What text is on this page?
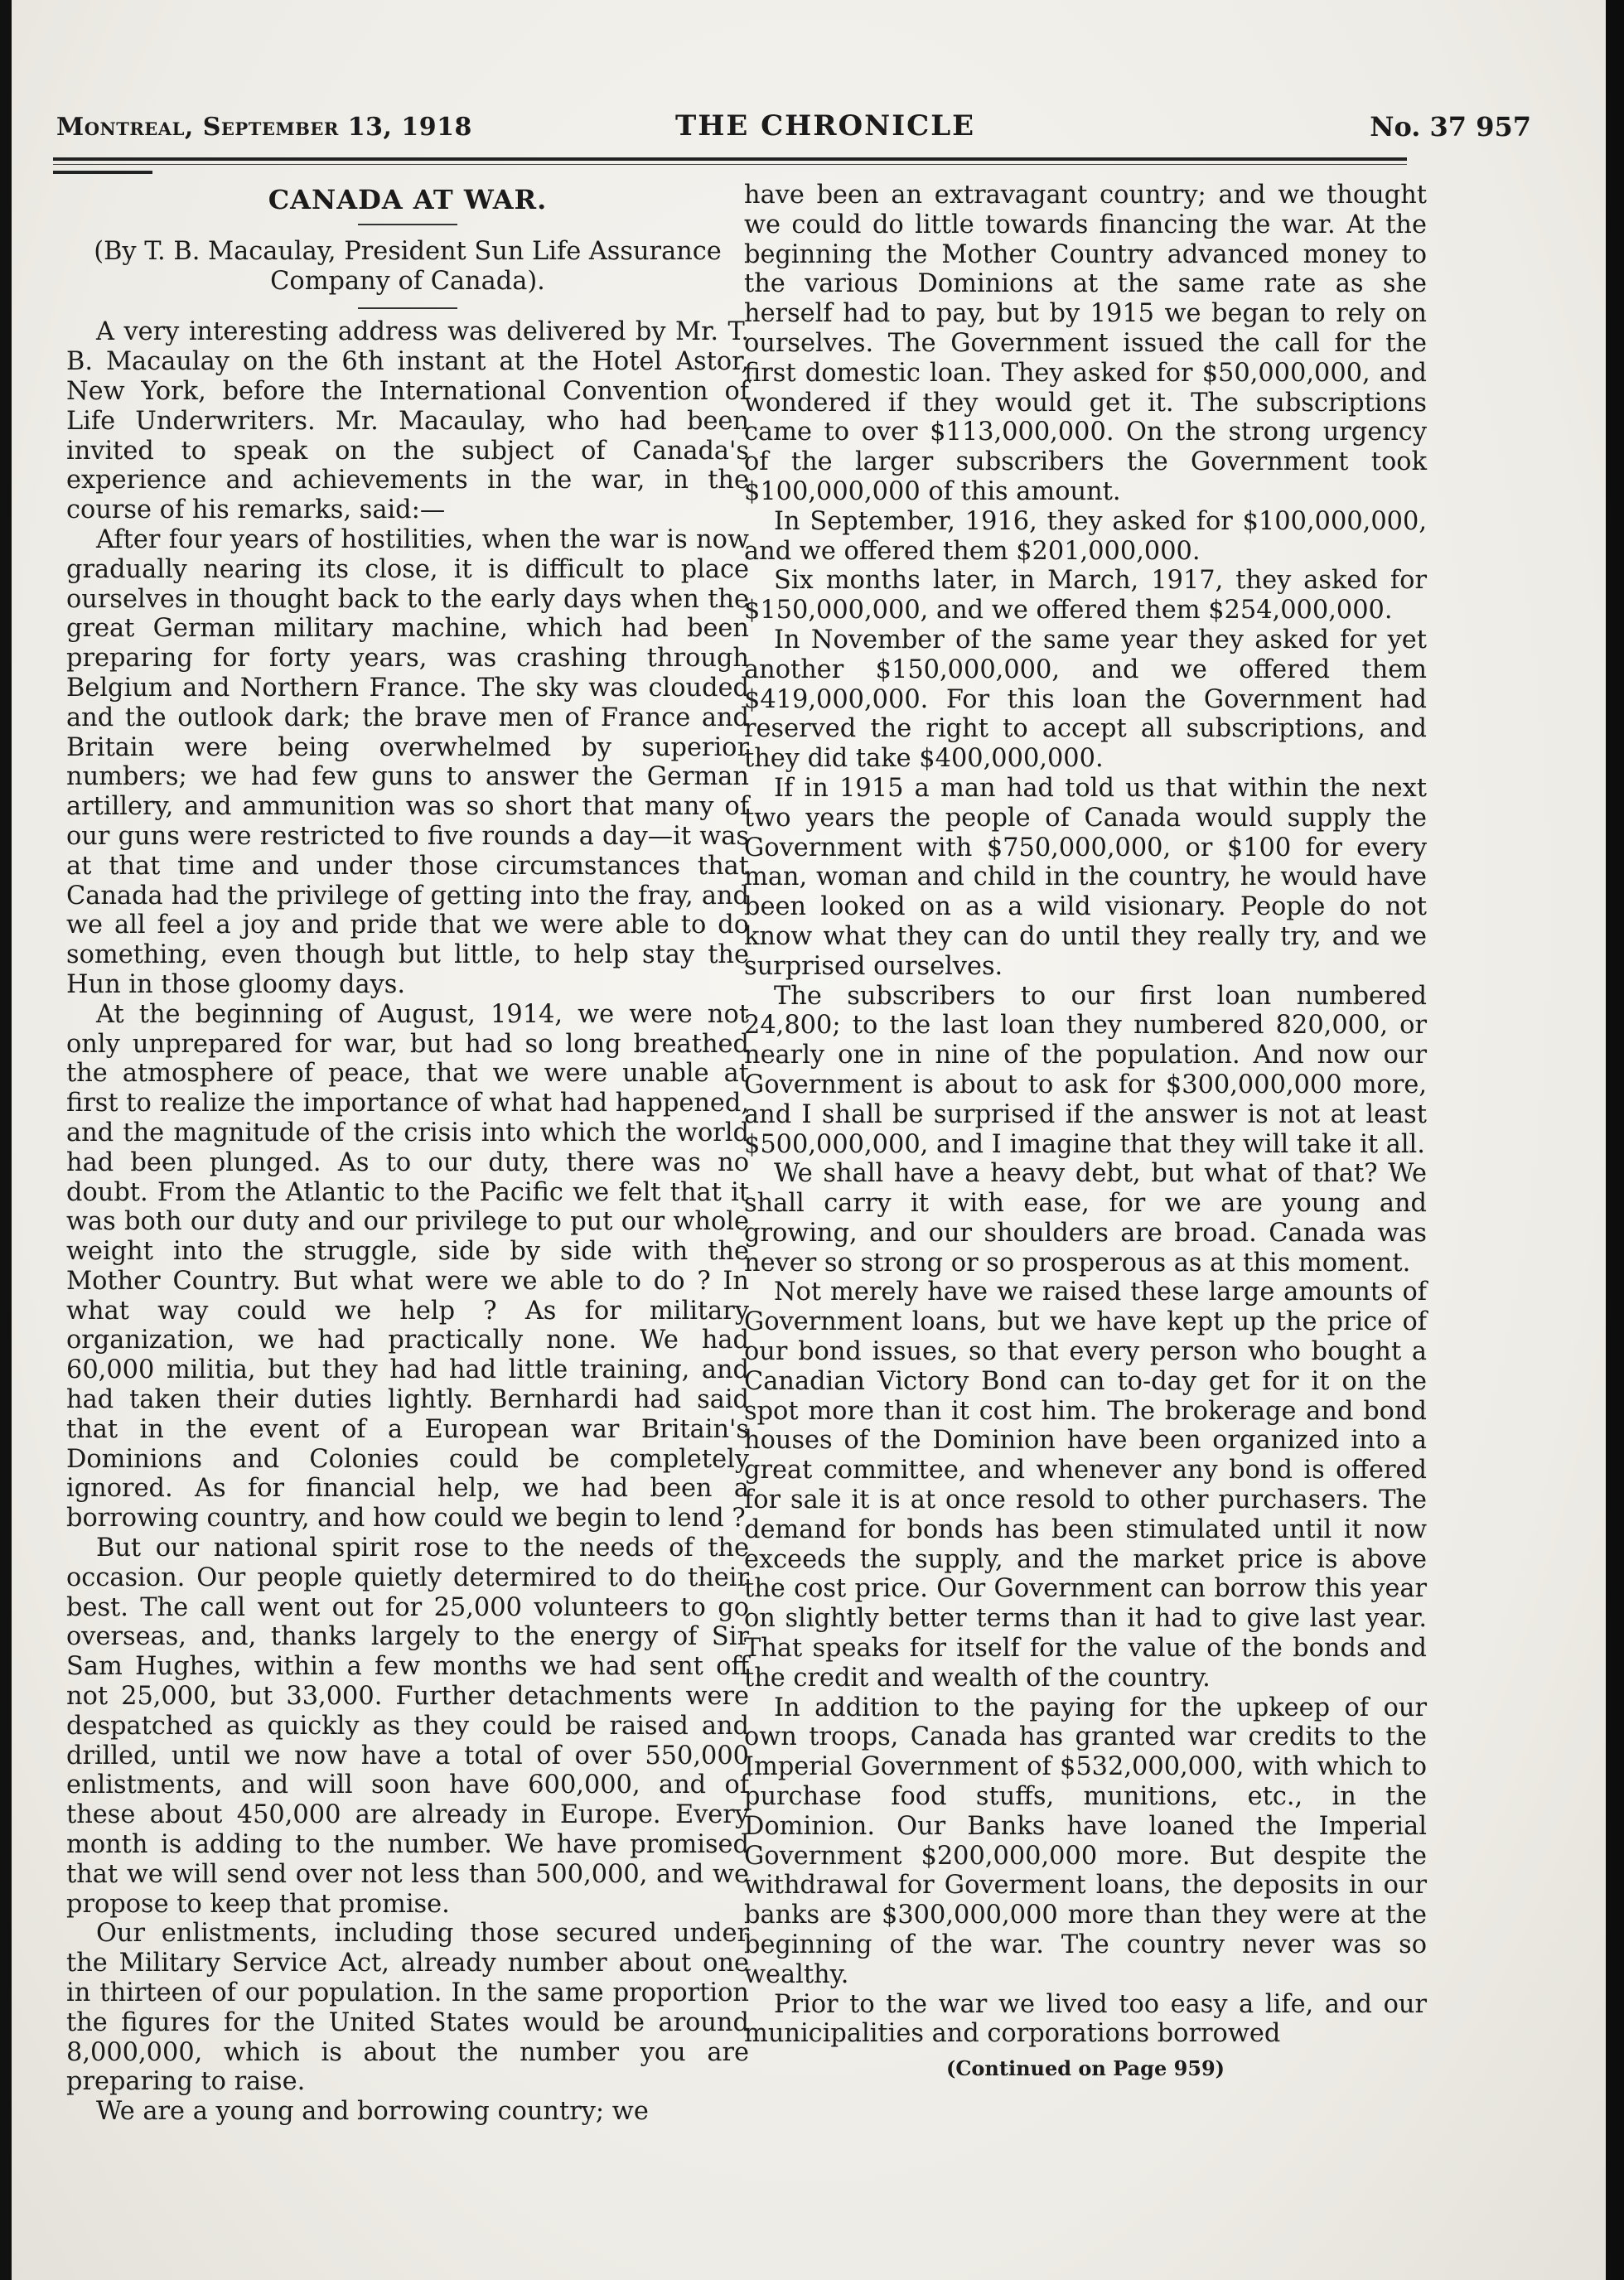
Montreal, September 13, 1918	THE CHRONICLE	No. 37 957
CANADA AT WAR.
(By T. B. Macaulay, President Sun Life Assurance Company of Canada).

A very interesting address was delivered by Mr. T. B. Macaulay on the 6th instant at the Hotel Astor, New York, before the International Convention of Life Underwriters. Mr. Macaulay, who had been invited to speak on the subject of Canada's experience and achievements in the war, in the course of his remarks, said:—

After four years of hostilities, when the war is now gradually nearing its close, it is difficult to place ourselves in thought back to the early days when the great German military machine, which had been preparing for forty years, was crashing through Belgium and Northern France. The sky was clouded and the outlook dark; the brave men of France and Britain were being overwhelmed by superior numbers; we had few guns to answer the German artillery, and ammunition was so short that many of our guns were restricted to five rounds a day—it was at that time and under those circumstances that Canada had the privilege of getting into the fray, and we all feel a joy and pride that we were able to do something, even though but little, to help stay the Hun in those gloomy days.

At the beginning of August, 1914, we were not only unprepared for war, but had so long breathed the atmosphere of peace, that we were unable at first to realize the importance of what had happened, and the magnitude of the crisis into which the world had been plunged. As to our duty, there was no doubt. From the Atlantic to the Pacific we felt that it was both our duty and our privilege to put our whole weight into the struggle, side by side with the Mother Country. But what were we able to do ? In what way could we help ? As for military organization, we had practically none. We had 60,000 militia, but they had had little training, and had taken their duties lightly. Bernhardi had said that in the event of a European war Britain's Dominions and Colonies could be completely ignored. As for financial help, we had been a borrowing country, and how could we begin to lend ?

But our national spirit rose to the needs of the occasion. Our people quietly determired to do their best. The call went out for 25,000 volunteers to go overseas, and, thanks largely to the energy of Sir Sam Hughes, within a few months we had sent off not 25,000, but 33,000. Further detachments were despatched as quickly as they could be raised and drilled, until we now have a total of over 550,000 enlistments, and will soon have 600,000, and of these about 450,000 are already in Europe. Every month is adding to the number. We have promised that we will send over not less than 500,000, and we propose to keep that promise.

Our enlistments, including those secured under the Military Service Act, already number about one in thirteen of our population. In the same proportion the figures for the United States would be around 8,000,000, which is about the number you are preparing to raise.

We are a young and borrowing country; we

have been an extravagant country; and we thought we could do little towards financing the war. At the beginning the Mother Country advanced money to the various Dominions at the same rate as she herself had to pay, but by 1915 we began to rely on ourselves. The Government issued the call for the first domestic loan. They asked for $50,000,000, and wondered if they would get it. The subscriptions came to over $113,000,000. On the strong urgency of the larger subscribers the Government took $100,000,000 of this amount.

In September, 1916, they asked for $100,000,000, and we offered them $201,000,000.

Six months later, in March, 1917, they asked for $150,000,000, and we offered them $254,000,000.

In November of the same year they asked for yet another $150,000,000, and we offered them $419,000,000. For this loan the Government had reserved the right to accept all subscriptions, and they did take $400,000,000.

If in 1915 a man had told us that within the next two years the people of Canada would supply the Government with $750,000,000, or $100 for every man, woman and child in the country, he would have been looked on as a wild visionary. People do not know what they can do until they really try, and we surprised ourselves.

The subscribers to our first loan numbered 24,800; to the last loan they numbered 820,000, or nearly one in nine of the population. And now our Government is about to ask for $300,000,000 more, and I shall be surprised if the answer is not at least $500,000,000, and I imagine that they will take it all.

We shall have a heavy debt, but what of that? We shall carry it with ease, for we are young and growing, and our shoulders are broad. Canada was never so strong or so prosperous as at this moment.

Not merely have we raised these large amounts of Government loans, but we have kept up the price of our bond issues, so that every person who bought a Canadian Victory Bond can to-day get for it on the spot more than it cost him. The brokerage and bond houses of the Dominion have been organized into a great committee, and whenever any bond is offered for sale it is at once resold to other purchasers. The demand for bonds has been stimulated until it now exceeds the supply, and the market price is above the cost price. Our Government can borrow this year on slightly better terms than it had to give last year. That speaks for itself for the value of the bonds and the credit and wealth of the country.

In addition to the paying for the upkeep of our own troops, Canada has granted war credits to the Imperial Government of $532,000,000, with which to purchase food stuffs, munitions, etc., in the Dominion. Our Banks have loaned the Imperial Government $200,000,000 more. But despite the withdrawal for Goverment loans, the deposits in our banks are $300,000,000 more than they were at the beginning of the war. The country never was so wealthy.

Prior to the war we lived too easy a life, and our municipalities and corporations borrowed

(Continued on Page 959)
